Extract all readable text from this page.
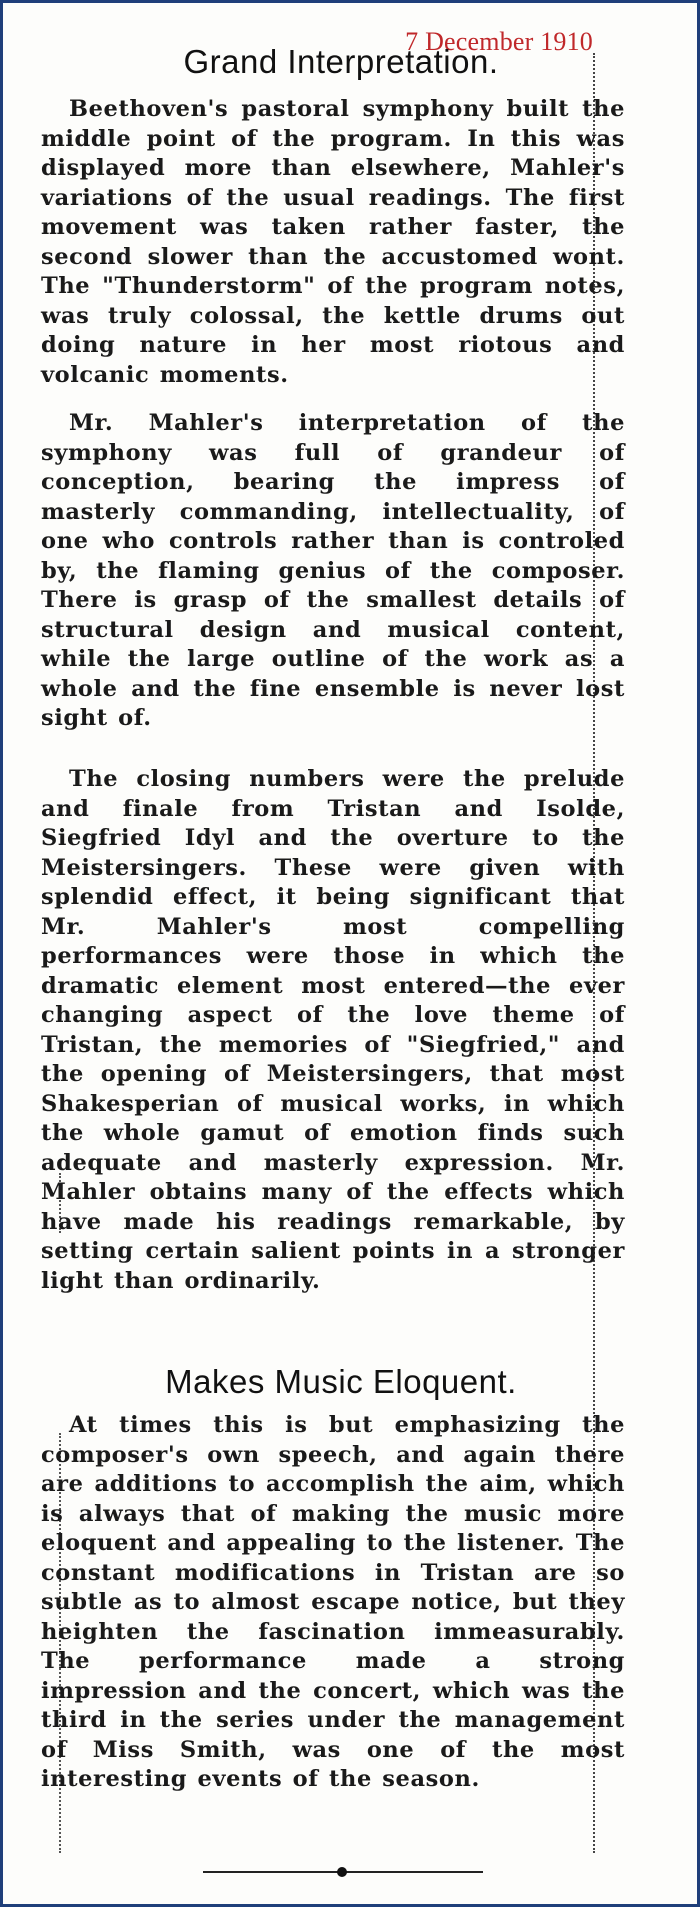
7 December 1910
Grand Interpretation.

Beethoven's pastoral symphony built the middle point of the program. In this was displayed more than elsewhere, Mahler's variations of the usual readings. The first movement was taken rather faster, the second slower than the accustomed wont. The "Thunderstorm" of the program notes, was truly colossal, the kettle drums out doing nature in her most riotous and volcanic moments.

Mr. Mahler's interpretation of the symphony was full of grandeur of conception, bearing the impress of masterly commanding, intellectuality, of one who controls rather than is controled by, the flaming genius of the composer. There is grasp of the smallest details of structural design and musical content, while the large outline of the work as a whole and the fine ensemble is never lost sight of.

The closing numbers were the prelude and finale from Tristan and Isolde, Siegfried Idyl and the overture to the Meistersingers. These were given with splendid effect, it being significant that Mr. Mahler's most compelling performances were those in which the dramatic element most entered—the ever changing aspect of the love theme of Tristan, the memories of "Siegfried," and the opening of Meistersingers, that most Shakesperian of musical works, in which the whole gamut of emotion finds such adequate and masterly expression. Mr. Mahler obtains many of the effects which have made his readings remarkable, by setting certain salient points in a stronger light than ordinarily.

Makes Music Eloquent.

At times this is but emphasizing the composer's own speech, and again there are additions to accomplish the aim, which is always that of making the music more eloquent and appealing to the listener. The constant modifications in Tristan are so subtle as to almost escape notice, but they heighten the fascination immeasurably. The performance made a strong impression and the concert, which was the third in the series under the management of Miss Smith, was one of the most interesting events of the season.
